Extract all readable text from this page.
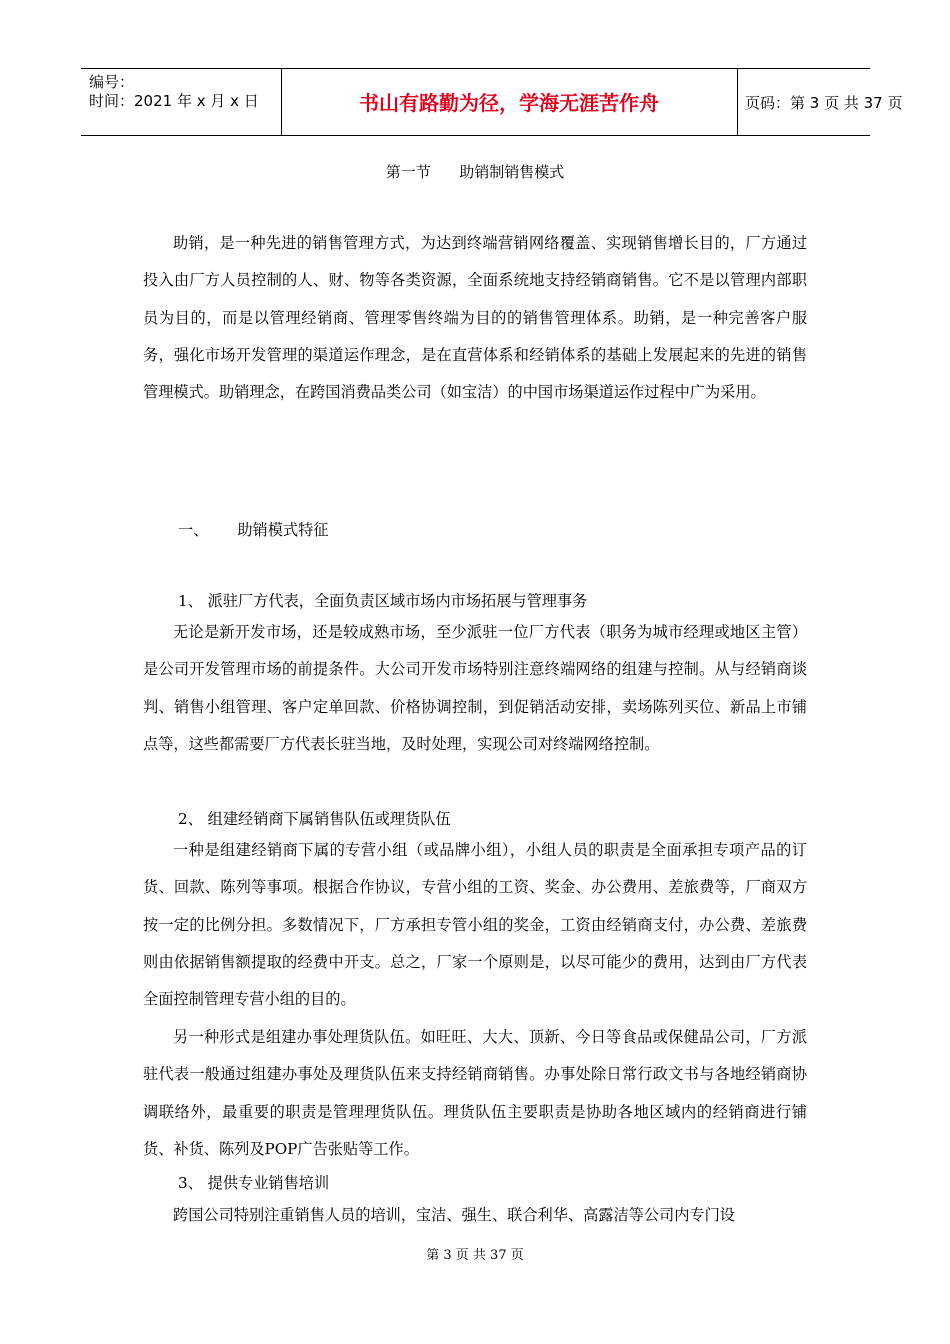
编号：
时间：2021 年 x 月 x 日	书山有路勤为径，学海无涯苦作舟	页码：第 3 页 共 37 页
第一节      助销制销售模式

助销，是一种先进的销售管理方式，为达到终端营销网络覆盖、实现销售增长目的，厂方通过投入由厂方人员控制的人、财、物等各类资源，全面系统地支持经销商销售。它不是以管理内部职员为目的，而是以管理经销商、管理零售终端为目的的销售管理体系。助销，是一种完善客户服务，强化市场开发管理的渠道运作理念，是在直营体系和经销体系的基础上发展起来的先进的销售管理模式。助销理念，在跨国消费品类公司（如宝洁）的中国市场渠道运作过程中广为采用。

一、      助销模式特征
1、 派驻厂方代表，全面负责区域市场内市场拓展与管理事务

无论是新开发市场，还是较成熟市场，至少派驻一位厂方代表（职务为城市经理或地区主管）是公司开发管理市场的前提条件。大公司开发市场特别注意终端网络的组建与控制。从与经销商谈判、销售小组管理、客户定单回款、价格协调控制，到促销活动安排，卖场陈列买位、新品上市铺点等，这些都需要厂方代表长驻当地，及时处理，实现公司对终端网络控制。

2、 组建经销商下属销售队伍或理货队伍

一种是组建经销商下属的专营小组（或品牌小组），小组人员的职责是全面承担专项产品的订货、回款、陈列等事项。根据合作协议，专营小组的工资、奖金、办公费用、差旅费等，厂商双方按一定的比例分担。多数情况下，厂方承担专管小组的奖金，工资由经销商支付，办公费、差旅费则由依据销售额提取的经费中开支。总之，厂家一个原则是，以尽可能少的费用，达到由厂方代表全面控制管理专营小组的目的。

另一种形式是组建办事处理货队伍。如旺旺、大大、顶新、今日等食品或保健品公司，厂方派驻代表一般通过组建办事处及理货队伍来支持经销商销售。办事处除日常行政文书与各地经销商协调联络外，最重要的职责是管理理货队伍。理货队伍主要职责是协助各地区域内的经销商进行铺货、补货、陈列及POP广告张贴等工作。

3、 提供专业销售培训

跨国公司特别注重销售人员的培训，宝洁、强生、联合利华、高露洁等公司内专门设

第 3 页 共 37 页
